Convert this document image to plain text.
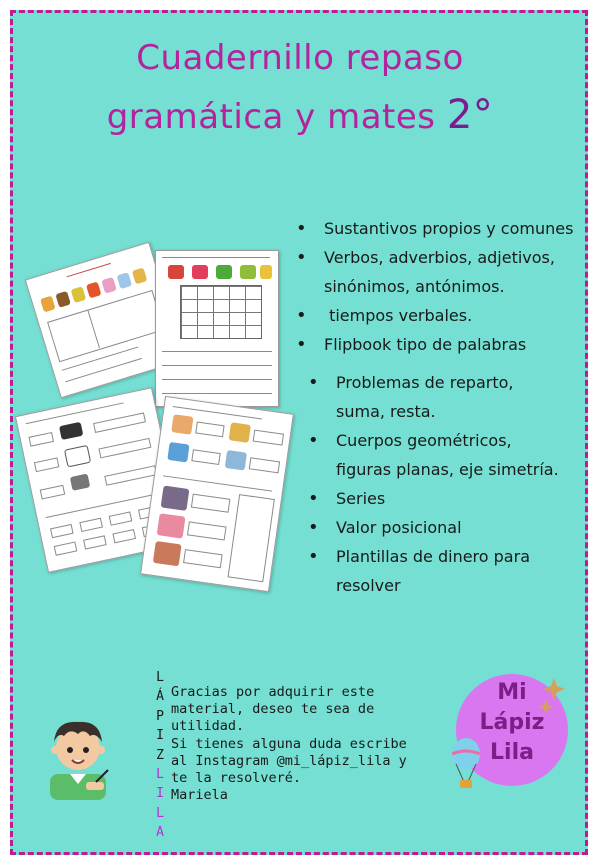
Cuadernillo repaso
gramática y mates 2°
• Sustantivos propios y comunes
• Verbos, adverbios, adjetivos,
sinónimos, antónimos.
•  tiempos verbales.
• Flipbook tipo de palabras
• Problemas de reparto,
suma, resta.
• Cuerpos geométricos,
figuras planas, eje simetría.
• Series
• Valor posicional
• Plantillas de dinero para
resolver
L
Á
P
I
Z
L
I
L
A
Gracias por adquirir este
material, deseo te sea de
utilidad.
Si tienes alguna duda escribe
al Instagram @mi_lápiz_lila y
te la resolveré.
Mariela
Mi
Lápiz
Lila
